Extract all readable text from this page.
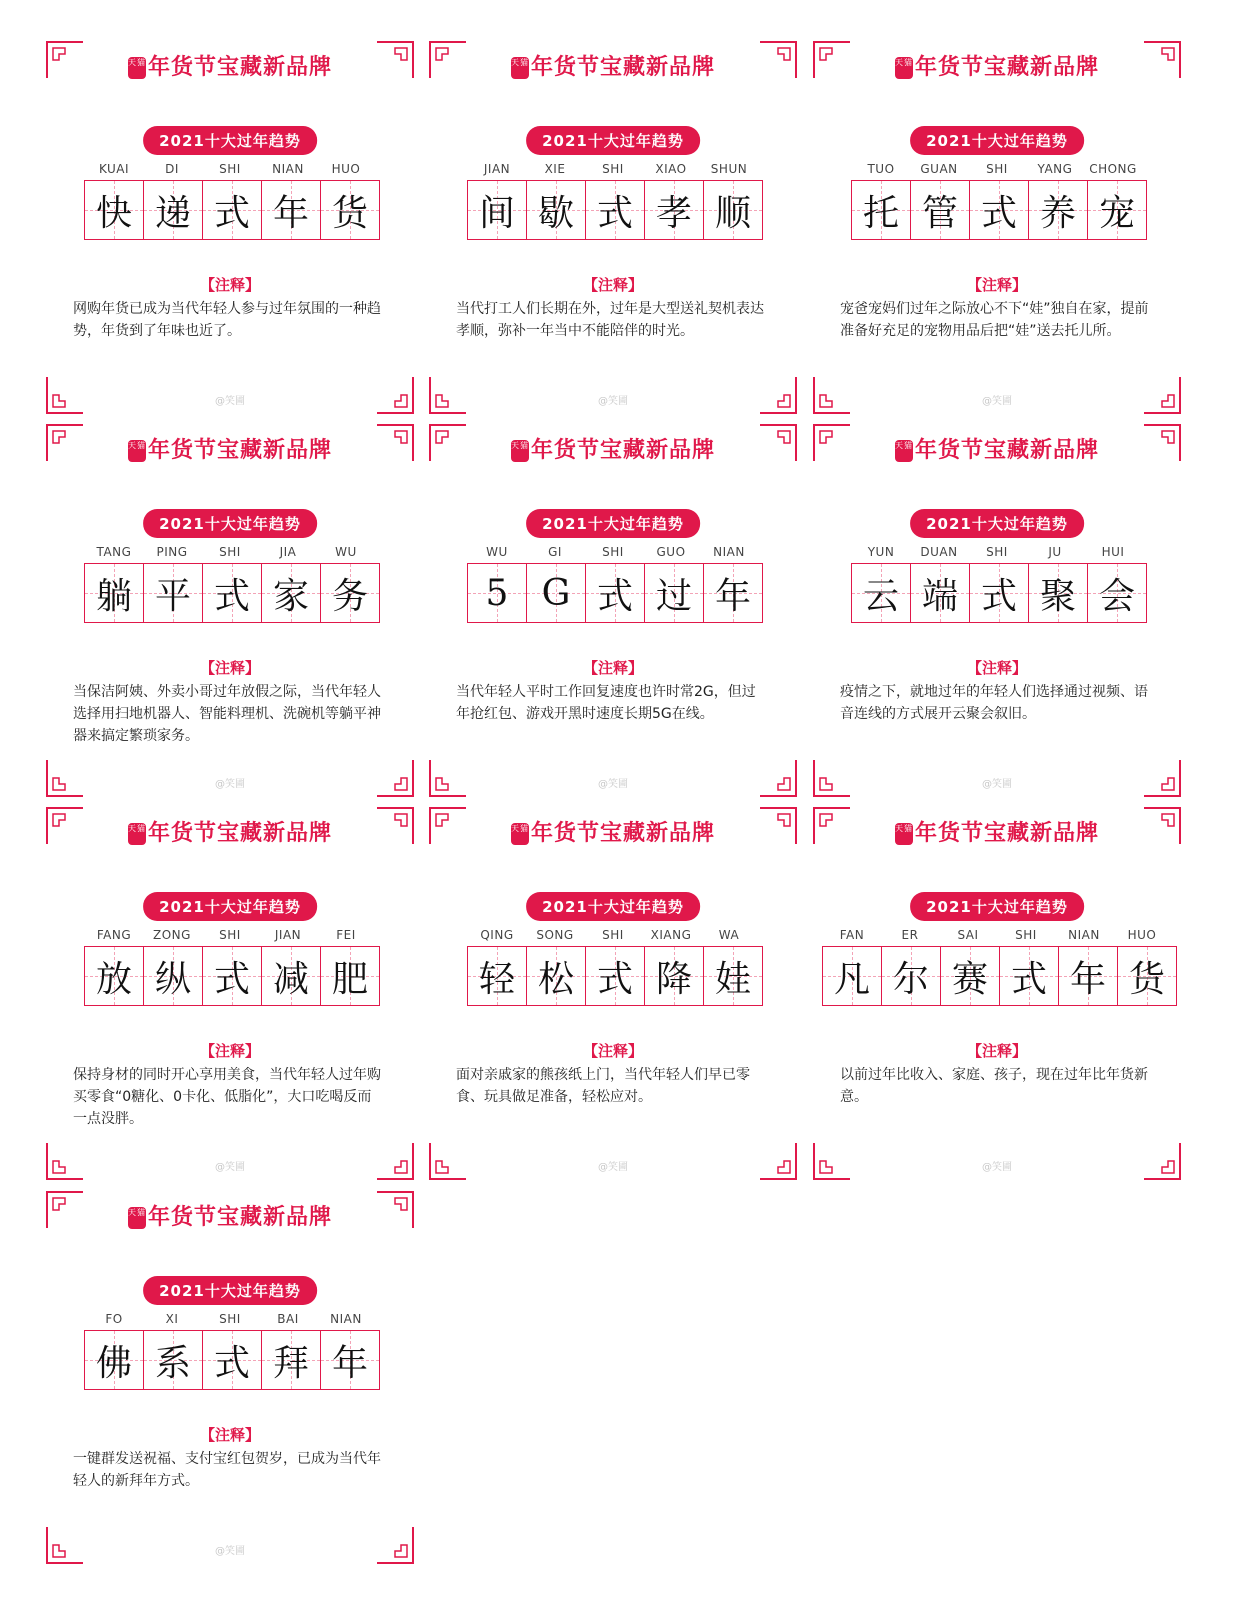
天猫年货节宝藏新品牌
2021十大过年趋势
KUAI	DI	SHI	NIAN	HUO
快 递 式 年 货
【注释】
网购年货已成为当代年轻人参与过年氛围的一种趋势，年货到了年味也近了。
@笑圃
天猫年货节宝藏新品牌
2021十大过年趋势
JIAN	XIE	SHI	XIAO	SHUN
间 歇 式 孝 顺
【注释】
当代打工人们长期在外，过年是大型送礼契机表达孝顺，弥补一年当中不能陪伴的时光。
@笑圃
天猫年货节宝藏新品牌
2021十大过年趋势
TUO	GUAN	SHI	YANG	CHONG
托 管 式 养 宠
【注释】
宠爸宠妈们过年之际放心不下“娃”独自在家，提前准备好充足的宠物用品后把“娃”送去托儿所。
@笑圃
天猫年货节宝藏新品牌
2021十大过年趋势
TANG	PING	SHI	JIA	WU
躺 平 式 家 务
【注释】
当保洁阿姨、外卖小哥过年放假之际，当代年轻人选择用扫地机器人、智能料理机、洗碗机等躺平神器来搞定繁琐家务。
@笑圃
天猫年货节宝藏新品牌
2021十大过年趋势
WU	GI	SHI	GUO	NIAN
5 G 式 过 年
【注释】
当代年轻人平时工作回复速度也许时常2G，但过年抢红包、游戏开黑时速度长期5G在线。
@笑圃
天猫年货节宝藏新品牌
2021十大过年趋势
YUN	DUAN	SHI	JU	HUI
云 端 式 聚 会
【注释】
疫情之下，就地过年的年轻人们选择通过视频、语音连线的方式展开云聚会叙旧。
@笑圃
天猫年货节宝藏新品牌
2021十大过年趋势
FANG	ZONG	SHI	JIAN	FEI
放 纵 式 减 肥
【注释】
保持身材的同时开心享用美食，当代年轻人过年购买零食“0糖化、0卡化、低脂化”，大口吃喝反而一点没胖。
@笑圃
天猫年货节宝藏新品牌
2021十大过年趋势
QING	SONG	SHI	XIANG	WA
轻 松 式 降 娃
【注释】
面对亲戚家的熊孩纸上门，当代年轻人们早已零食、玩具做足准备，轻松应对。
@笑圃
天猫年货节宝藏新品牌
2021十大过年趋势
FAN	ER	SAI	SHI	NIAN	HUO
凡 尔 赛 式 年 货
【注释】
以前过年比收入、家庭、孩子，现在过年比年货新意。
@笑圃
天猫年货节宝藏新品牌
2021十大过年趋势
FO	XI	SHI	BAI	NIAN
佛 系 式 拜 年
【注释】
一键群发送祝福、支付宝红包贺岁，已成为当代年轻人的新拜年方式。
@笑圃
